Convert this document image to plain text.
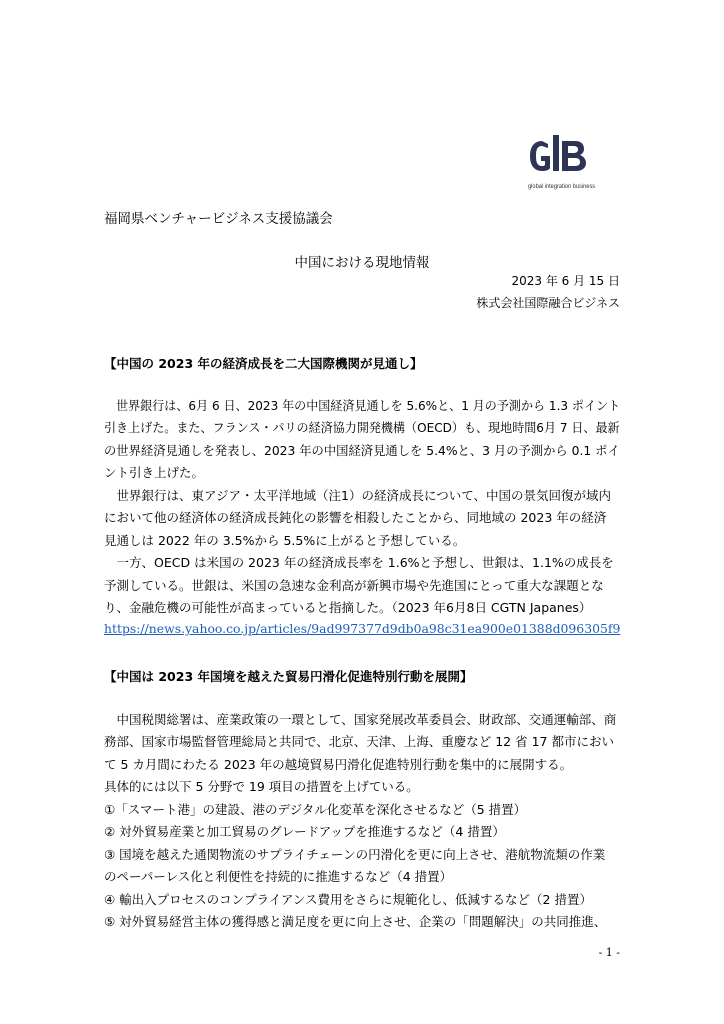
global integration business
福岡県ベンチャービジネス支援協議会
中国における現地情報
2023 年 6 月 15 日
株式会社国際融合ビジネス
【中国の 2023 年の経済成長を二大国際機関が見通し】
　世界銀行は、6月 6 日、2023 年の中国経済見通しを 5.6%と、1 月の予測から 1.3 ポイント
引き上げた。また、フランス・パリの経済協力開発機構（OECD）も、現地時間6月 7 日、最新
の世界経済見通しを発表し、2023 年の中国経済見通しを 5.4%と、3 月の予測から 0.1 ポイ
ント引き上げた。
　世界銀行は、東アジア・太平洋地域（注1）の経済成長について、中国の景気回復が域内
において他の経済体の経済成長鈍化の影響を相殺したことから、同地域の 2023 年の経済
見通しは 2022 年の 3.5%から 5.5%に上がると予想している。
　一方、OECD は米国の 2023 年の経済成長率を 1.6%と予想し、世銀は、1.1%の成長を
予測している。世銀は、米国の急速な金利高が新興市場や先進国にとって重大な課題とな
り、金融危機の可能性が高まっていると指摘した。（2023 年6月8日 CGTN Japanes）
https://news.yahoo.co.jp/articles/9ad997377d9db0a98c31ea900e01388d096305f9
【中国は 2023 年国境を越えた貿易円滑化促進特別行動を展開】
　中国税関総署は、産業政策の一環として、国家発展改革委員会、財政部、交通運輸部、商
務部、国家市場監督管理総局と共同で、北京、天津、上海、重慶など 12 省 17 都市におい
て 5 カ月間にわたる 2023 年の越境貿易円滑化促進特別行動を集中的に展開する。
具体的には以下 5 分野で 19 項目の措置を上げている。
①「スマート港」の建設、港のデジタル化変革を深化させるなど（5 措置）
② 対外貿易産業と加工貿易のグレードアップを推進するなど（4 措置）
③ 国境を越えた通関物流のサプライチェーンの円滑化を更に向上させ、港航物流類の作業
のペーパーレス化と利便性を持続的に推進するなど（4 措置）
④ 輸出入プロセスのコンプライアンス費用をさらに規範化し、低減するなど（2 措置）
⑤ 対外貿易経営主体の獲得感と満足度を更に向上させ、企業の「問題解決」の共同推進、
- 1 -
